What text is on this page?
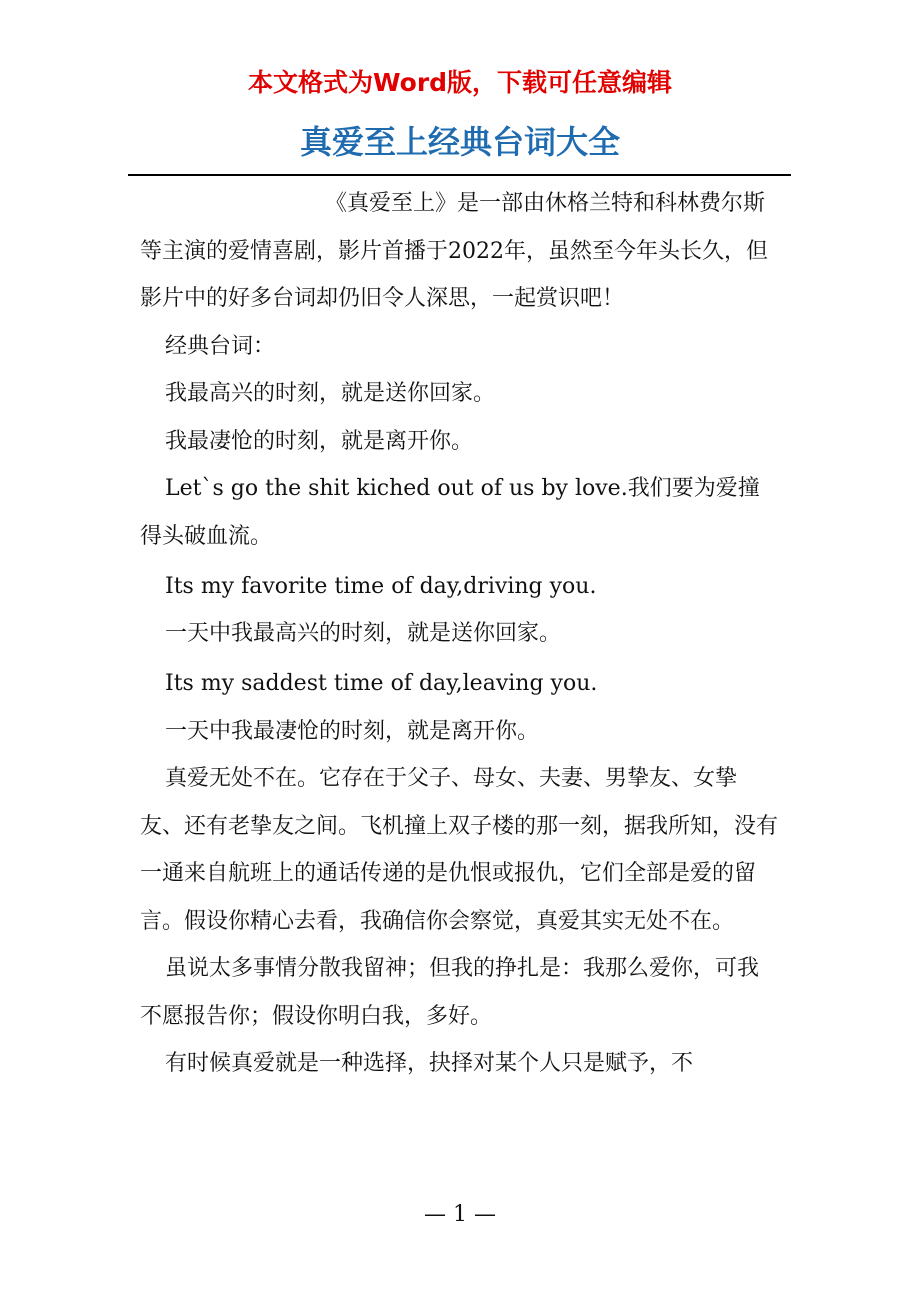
本文格式为Word版，下载可任意编辑
真爱至上经典台词大全

《真爱至上》是一部由休格兰特和科林费尔斯等主演的爱情喜剧，影片首播于2022年，虽然至今年头长久，但影片中的好多台词却仍旧令人深思，一起赏识吧！

经典台词：

我最高兴的时刻，就是送你回家。

我最凄怆的时刻，就是离开你。

Let`s go the shit kiched out of us by love.我们要为爱撞得头破血流。

Its my favorite time of day,driving you.

一天中我最高兴的时刻，就是送你回家。

Its my saddest time of day,leaving you.

一天中我最凄怆的时刻，就是离开你。

真爱无处不在。它存在于父子、母女、夫妻、男挚友、女挚友、还有老挚友之间。飞机撞上双子楼的那一刻，据我所知，没有一通来自航班上的通话传递的是仇恨或报仇，它们全部是爱的留言。假设你精心去看，我确信你会察觉，真爱其实无处不在。

虽说太多事情分散我留神；但我的挣扎是：我那么爱你，可我不愿报告你；假设你明白我，多好。

有时候真爱就是一种选择，抉择对某个人只是赋予，不

— 1 —
